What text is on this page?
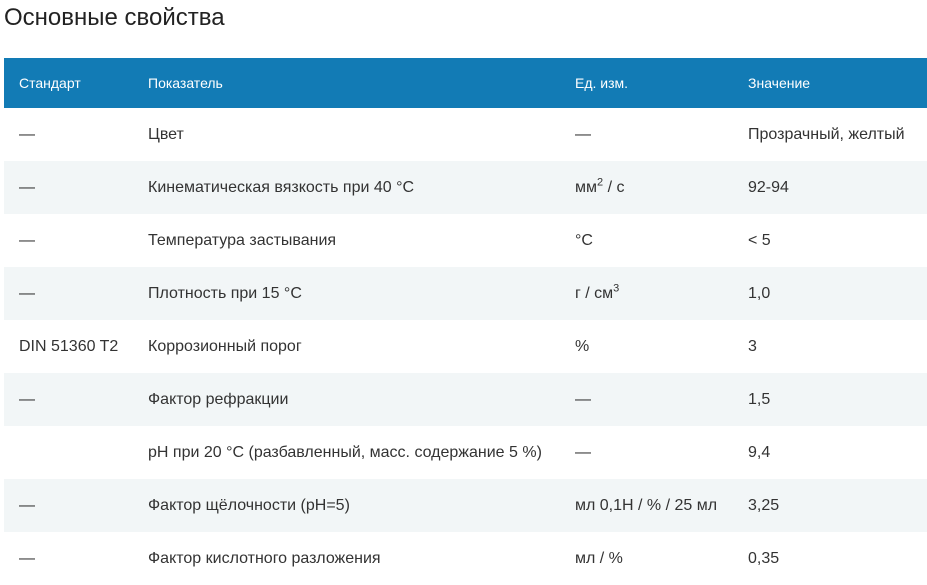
Основные свойства
Стандарт	Показатель	Ед. изм.	Значение

—	Цвет	—	Прозрачный, желтый

—	Кинематическая вязкость при 40 °C	$мм^2$ / с	92-94

—	Температура застывания	°C	< 5

—	Плотность при 15 °C	г / $см^3$	1,0

DIN 51360 T2	Коррозионный порог	%	3

—	Фактор рефракции	—	1,5

	pH при 20 °C (разбавленный, масс. содержание 5 %)	—	9,4

—	Фактор щёлочности (pH=5)	мл 0,1Н / % / 25 мл	3,25

—	Фактор кислотного разложения	мл / %	0,35
